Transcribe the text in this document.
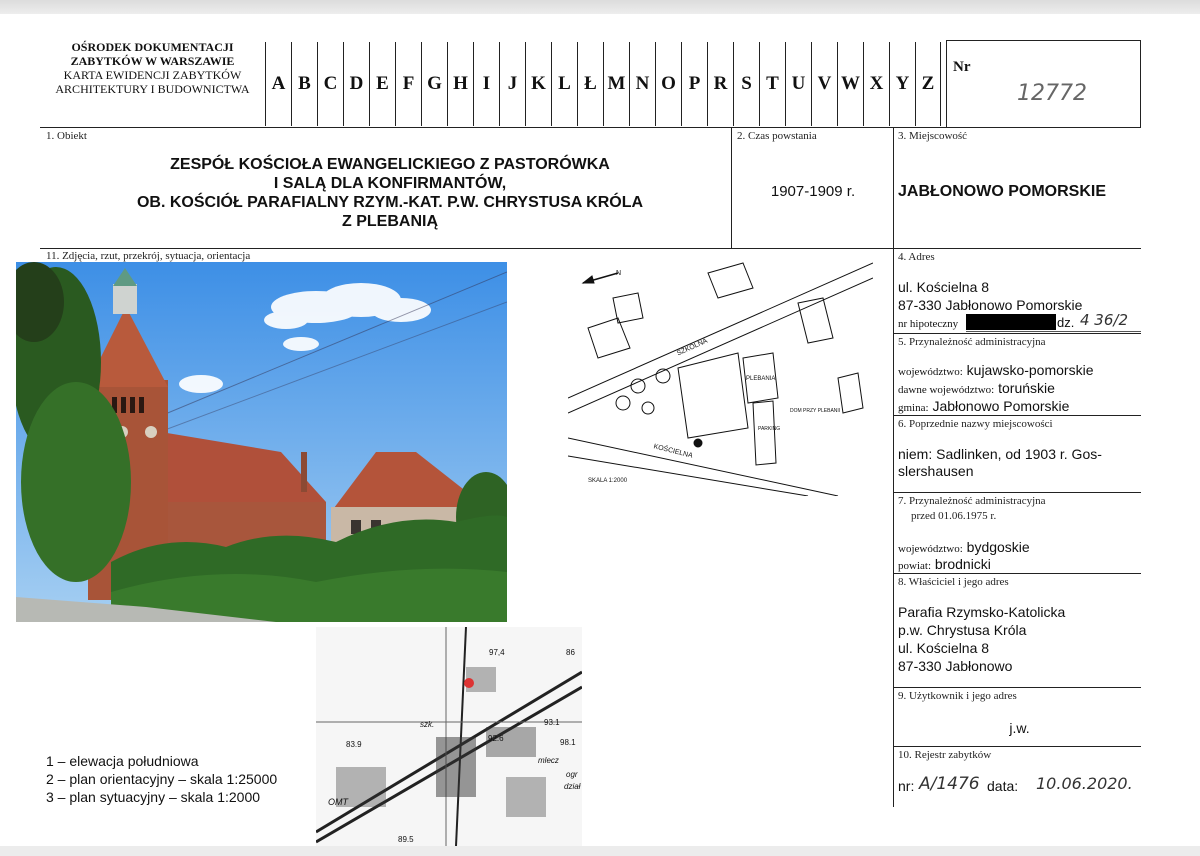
OŚRODEK DOKUMENTACJI
ZABYTKÓW W WARSZAWIE
KARTA EWIDENCJI ZABYTKÓW
ARCHITEKTURY I BUDOWNICTWA	A B C D E F G H I J K L Ł M N O P R S T U V W X Y Z
Nr
12772
1. Obiekt
ZESPÓŁ KOŚCIOŁA EWANGELICKIEGO Z PASTORÓWKA
I SALĄ DLA KONFIRMANTÓW,
OB. KOŚCIÓŁ PARAFIALNY RZYM.-KAT. P.W. CHRYSTUSA KRÓLA
Z PLEBANIĄ
2. Czas powstania
1907-1909 r.
3. Miejscowość
JABŁONOWO POMORSKIE
4. Adres
ul. Kościelna 8
87-330 Jabłonowo Pomorskie
nr hipoteczny	dz. 4 36/2
5. Przynależność administracyjna
województwo: kujawsko-pomorskie
dawne województwo: toruńskie
gmina: Jabłonowo Pomorskie
6. Poprzednie nazwy miejscowości
niem: Sadlinken, od 1903 r. Gos-
slershausen
7. Przynależność administracyjna
przed 01.06.1975 r.
województwo: bydgoskie
powiat: brodnicki
8. Właściciel i jego adres
Parafia Rzymsko-Katolicka
p.w. Chrystusa Króla
ul. Kościelna 8
87-330 Jabłonowo
9. Użytkownik i jego adres
j.w.
10. Rejestr zabytków
nr: A/1476 data: 10.06.2020.
11. Zdjęcia, rzut, przekrój, sytuacja, orientacja
N
SZKOLNA
KOŚCIELNA
PLEBANIA
PARKING
DOM PRZY PLEBANII
SKALA 1:2000
97,4	86
93.1
98.1
92.6
83.9
szk.
mlecz
ogr
dział
OMT
89.5
1 – elewacja południowa
2 – plan orientacyjny – skala 1:25000
3 – plan sytuacyjny – skala 1:2000
